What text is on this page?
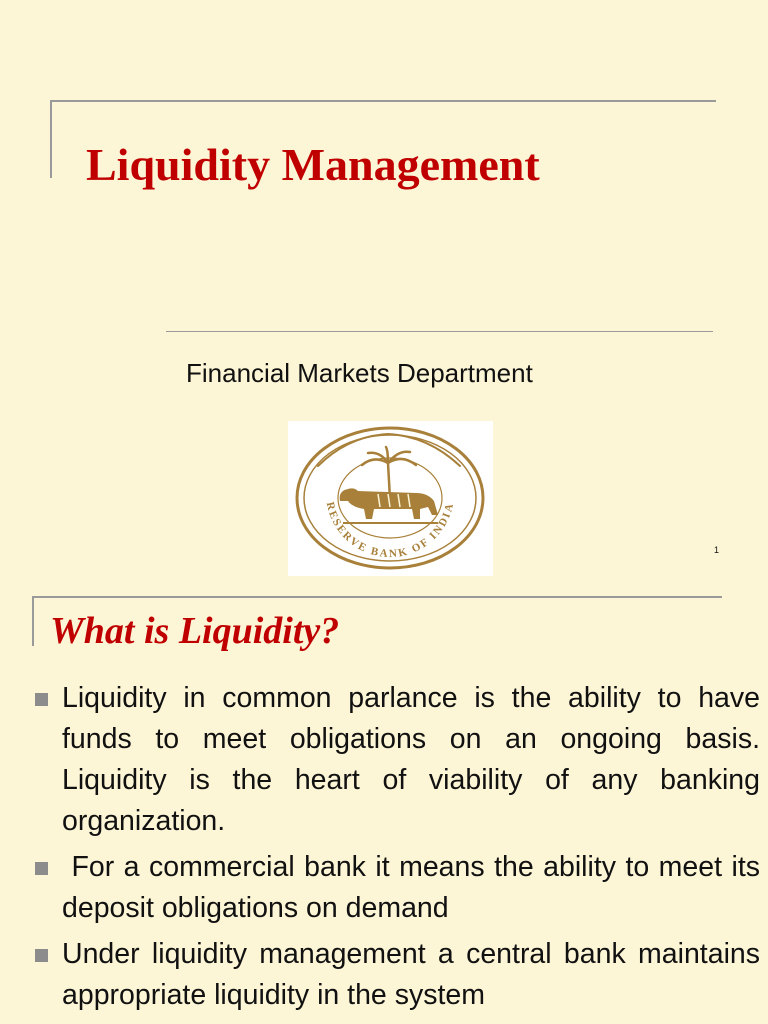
Liquidity Management
Financial Markets Department
RESERVE BANK OF INDIA
1
What is Liquidity?
Liquidity in common parlance is the ability to have funds to meet obligations on an ongoing basis. Liquidity is the heart of viability of any banking organization.
For a commercial bank it means the ability to meet its deposit obligations on demand
Under liquidity management a central bank maintains appropriate liquidity in the system
